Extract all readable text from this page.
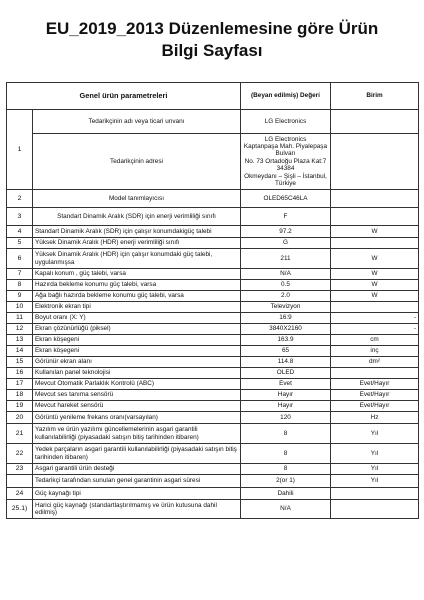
EU_2019_2013 Düzenlemesine göre Ürün
Bilgi Sayfası
Genel ürün parametreleri		(Beyan edilmiş) Değeri	Birim
1	Tedarikçinin adı veya ticari unvanı	LG Electronics	
	Tedarikçinin adresi	LG Electronics
Kaptanpaşa Mah. Piyalepaşa Bulvarı
No. 73 Ortadoğu Plaza Kat:7 34384
Okmeydanı – Şişli – İstanbul, Türkiye	

2	Model tanımlayıcısı	OLED65C46LA	
3	Standart Dinamik Aralık (SDR) için enerji verimliliği sınıfı	F	
4	Standart Dinamik Aralık (SDR) için çalışır konumdakigüç talebi	97.2	W
5	Yüksek Dinamik Aralık (HDR) enerji verimliliği sınıfı	G	
6	Yüksek Dinamik Aralık (HDR) için çalışır konumdaki güç talebi, uygulanmışsa	211	W
7	Kapalı konum , güç talebi, varsa	N/A	W
8	Hazırda bekleme konumu güç talebi, varsa	0.5	W
9	Ağa bağlı hazırda bekleme konumu güç talebi, varsa	2.0	W
10	Elektronik ekran tipi	Televizyon	
11	Boyut oranı (X: Y)	16:9	-
12	Ekran çözünürlüğü (piksel)	3840X2160	-
13	Ekran köşegeni	163.9	cm
14	Ekran köşegeni	65	inç
15	Görünür ekran alanı	114.8	dm²
16	Kullanılan panel teknolojisi	OLED	
17	Mevcut Otomatik Parlaklık Kontrolü (ABC)	Evet	Evet/Hayır
18	Mevcut ses tanıma sensörü	Hayır	Evet/Hayır
19	Mevcut hareket sensörü	Hayır	Evet/Hayır
20	Görüntü yenileme frekans oranı(varsayılan)	120	Hz
21	Yazılım ve ürün yazılımı güncellemelerinin asgari garantili kullanılabilirliği (piyasadaki satışın bitiş tarihinden itibaren)	8	Yıl
22	Yedek parçaların asgari garantili kullanılabilirliği (piyasadaki satışın bitiş tarihinden itibaren)	8	Yıl
23	Asgari garantili ürün desteği	8	Yıl
	Tedarikçi tarafından sunulan genel garantinin asgari süresi	2(or 1)	Yıl
24	Güç kaynağı tipi	Dahili	
25.1)	Harici güç kaynağı (standartlaştırılmamış ve ürün kutusuna dahil edilmiş)	N/A	
